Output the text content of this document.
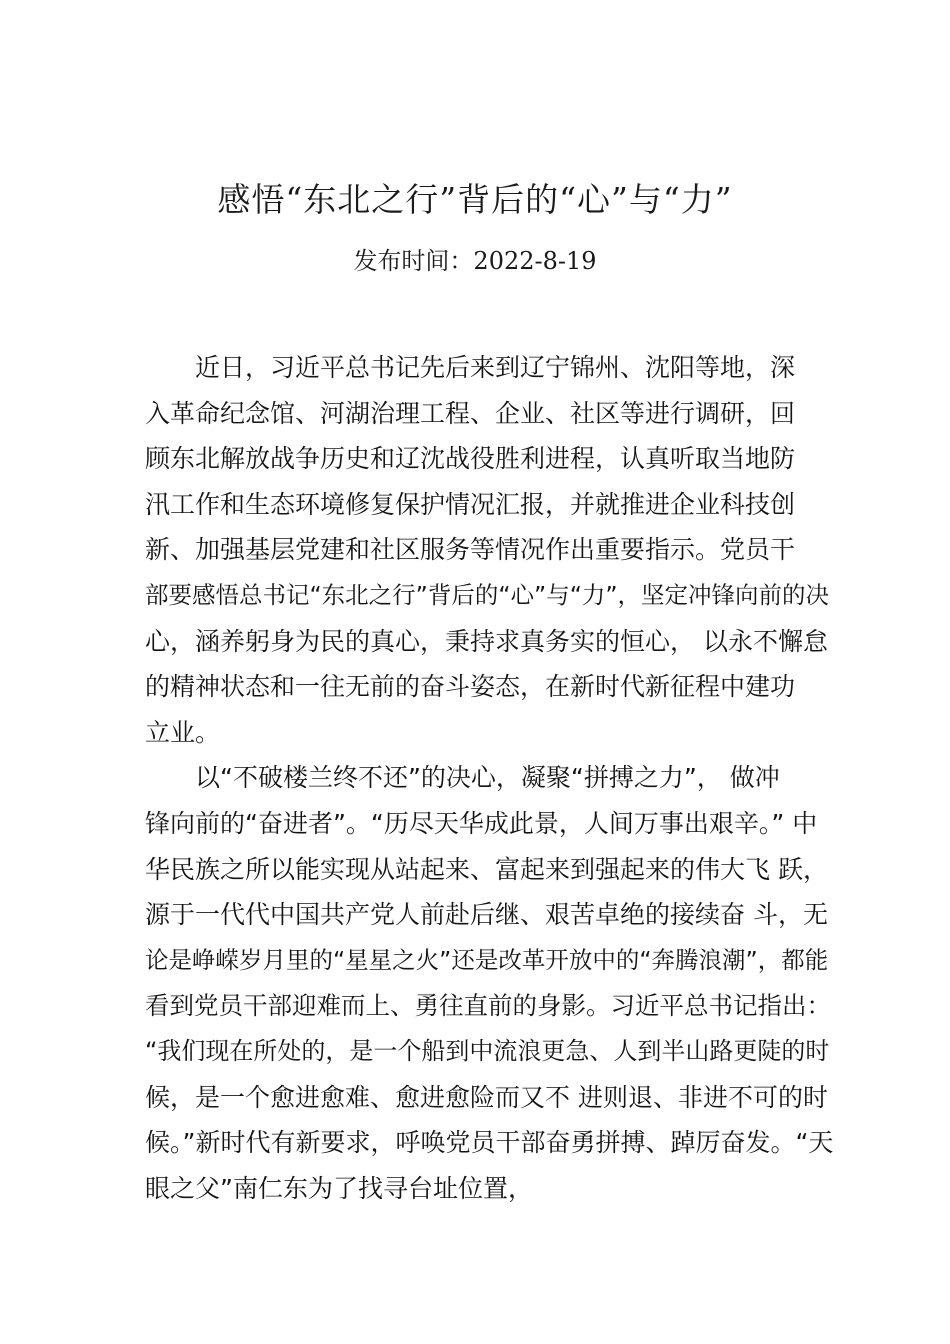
感悟“东北之行”背后的“心”与“力”
发布时间：2022-8-19
近日，习近平总书记先后来到辽宁锦州、沈阳等地，深
入革命纪念馆、河湖治理工程、企业、社区等进行调研，回
顾东北解放战争历史和辽沈战役胜利进程，认真听取当地防
汛工作和生态环境修复保护情况汇报，并就推进企业科技创
新、加强基层党建和社区服务等情况作出重要指示。党员干
部要感悟总书记“东北之行”背后的“心”与“力”，坚定冲锋向前的决
心，涵养躬身为民的真心，秉持求真务实的恒心， 以永不懈怠
的精神状态和一往无前的奋斗姿态，在新时代新征程中建功
立业。
以“不破楼兰终不还”的决心，凝聚“拼搏之力”， 做冲
锋向前的“奋进者”。“历尽天华成此景，人间万事出艰辛。” 中
华民族之所以能实现从站起来、富起来到强起来的伟大飞 跃，
源于一代代中国共产党人前赴后继、艰苦卓绝的接续奋 斗，无
论是峥嵘岁月里的“星星之火”还是改革开放中的“奔腾浪潮”，都能
看到党员干部迎难而上、勇往直前的身影。习近平总书记指出：
“我们现在所处的，是一个船到中流浪更急、人到半山路更陡的时
候，是一个愈进愈难、愈进愈险而又不 进则退、非进不可的时
候。”新时代有新要求，呼唤党员干部奋勇拼搏、踔厉奋发。“天
眼之父”南仁东为了找寻台址位置，
